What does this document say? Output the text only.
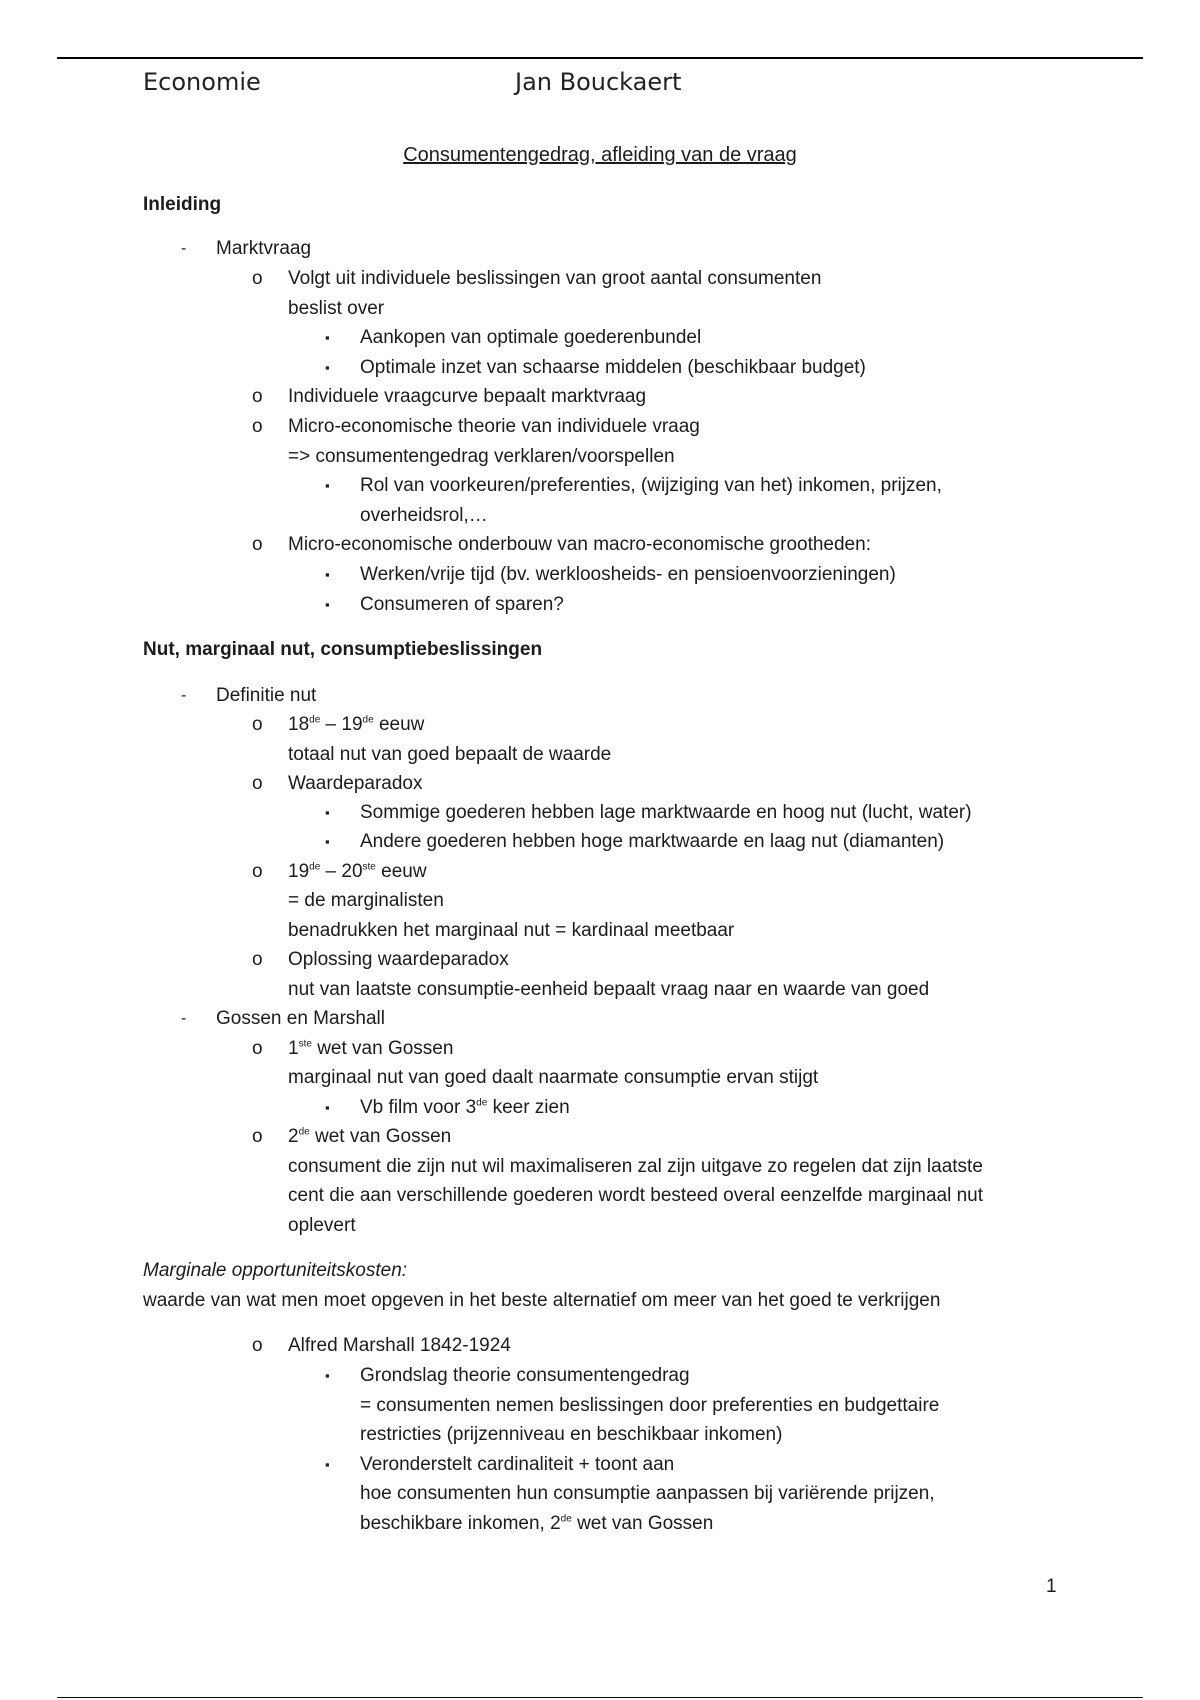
Economie	Jan Bouckaert
Consumentengedrag, afleiding van de vraag
Inleiding
- Marktvraag
o Volgt uit individuele beslissingen van groot aantal consumenten
beslist over
▪ Aankopen van optimale goederenbundel
▪ Optimale inzet van schaarse middelen (beschikbaar budget)
o Individuele vraagcurve bepaalt marktvraag
o Micro-economische theorie van individuele vraag
=> consumentengedrag verklaren/voorspellen
▪ Rol van voorkeuren/preferenties, (wijziging van het) inkomen, prijzen,
overheidsrol,…
o Micro-economische onderbouw van macro-economische grootheden:
▪ Werken/vrije tijd (bv. werkloosheids- en pensioenvoorzieningen)
▪ Consumeren of sparen?
Nut, marginaal nut, consumptiebeslissingen
- Definitie nut
o 18de – 19de eeuw
totaal nut van goed bepaalt de waarde
o Waardeparadox
▪ Sommige goederen hebben lage marktwaarde en hoog nut (lucht, water)
▪ Andere goederen hebben hoge marktwaarde en laag nut (diamanten)
o 19de – 20ste eeuw
= de marginalisten
benadrukken het marginaal nut = kardinaal meetbaar
o Oplossing waardeparadox
nut van laatste consumptie-eenheid bepaalt vraag naar en waarde van goed
- Gossen en Marshall
o 1ste wet van Gossen
marginaal nut van goed daalt naarmate consumptie ervan stijgt
▪ Vb film voor 3de keer zien
o 2de wet van Gossen
consument die zijn nut wil maximaliseren zal zijn uitgave zo regelen dat zijn laatste
cent die aan verschillende goederen wordt besteed overal eenzelfde marginaal nut
oplevert
Marginale opportuniteitskosten:
waarde van wat men moet opgeven in het beste alternatief om meer van het goed te verkrijgen
o Alfred Marshall 1842-1924
▪ Grondslag theorie consumentengedrag
= consumenten nemen beslissingen door preferenties en budgettaire
restricties (prijzenniveau en beschikbaar inkomen)
▪ Veronderstelt cardinaliteit + toont aan
hoe consumenten hun consumptie aanpassen bij variërende prijzen,
beschikbare inkomen, 2de wet van Gossen
1
